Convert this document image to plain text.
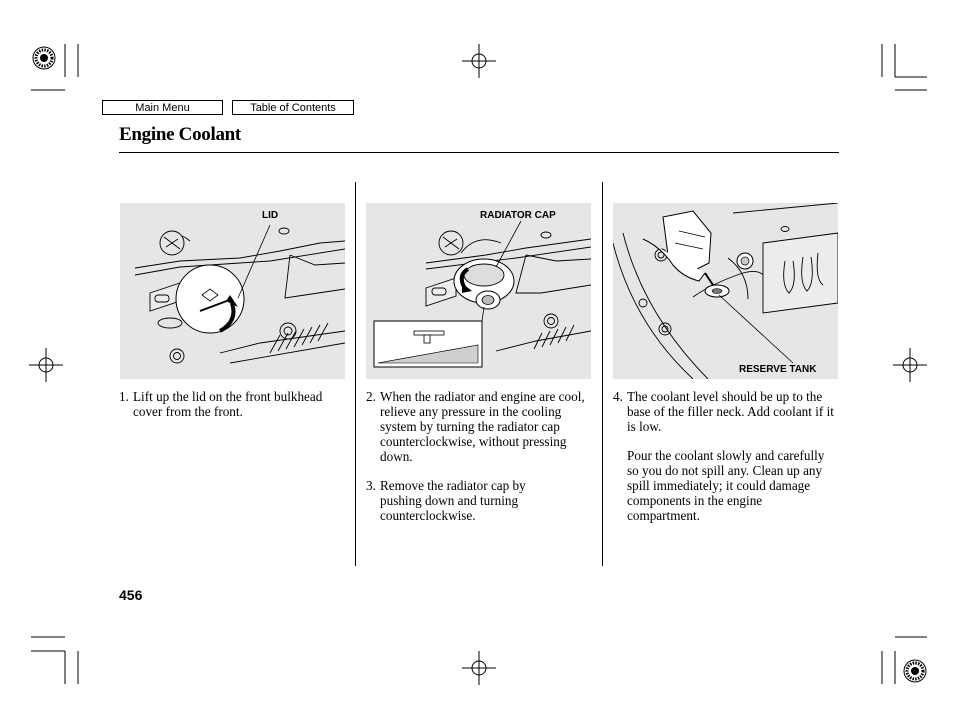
Main Menu	Table of Contents
Engine Coolant
LID	RADIATOR CAP
RESERVE TANK
1. Lift up the lid on the front bulkhead cover from the front.
2. When the radiator and engine are cool, relieve any pressure in the cooling system by turning the radiator cap counterclockwise, without pressing down.
3. Remove the radiator cap by pushing down and turning counterclockwise.
4. The coolant level should be up to the base of the filler neck. Add coolant if it is low.
Pour the coolant slowly and carefully so you do not spill any. Clean up any spill immediately; it could damage components in the engine compartment.
456
